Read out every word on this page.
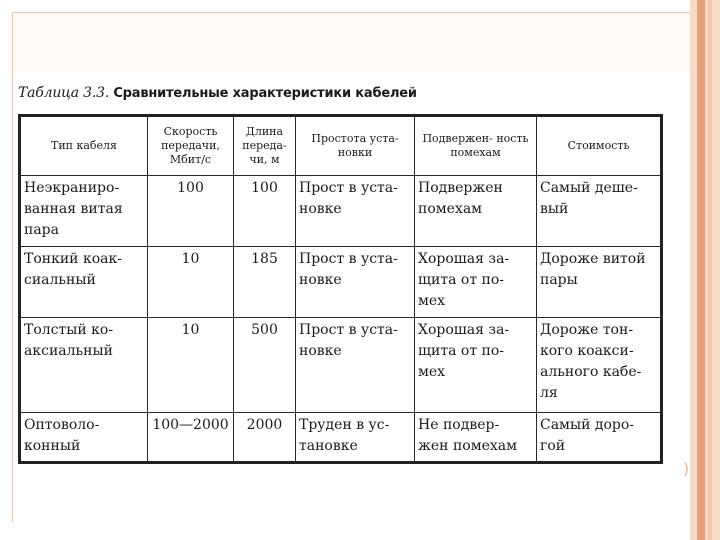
)
Таблица 3.3. Сравнительные характеристики кабелей
Тип кабеля	Скорость передачи, Мбит/с	Длина переда- чи, м	Простота уста- новки	Подвержен- ность помехам	Стоимость
Неэкраниро- ванная витая пара	100	100	Прост в уста- новке	Подвержен помехам	Самый деше- вый
Тонкий коак- сиальный	10	185	Прост в уста- новке	Хорошая за- щита от по- мех	Дороже витой пары
Толстый ко- аксиальный	10	500	Прост в уста- новке	Хорошая за- щита от по- мех	Дороже тон- кого коакси- ального кабе- ля
Оптоволо- конный	100—2000	2000	Труден в ус- тановке	Не подвер- жен помехам	Самый доро- гой
